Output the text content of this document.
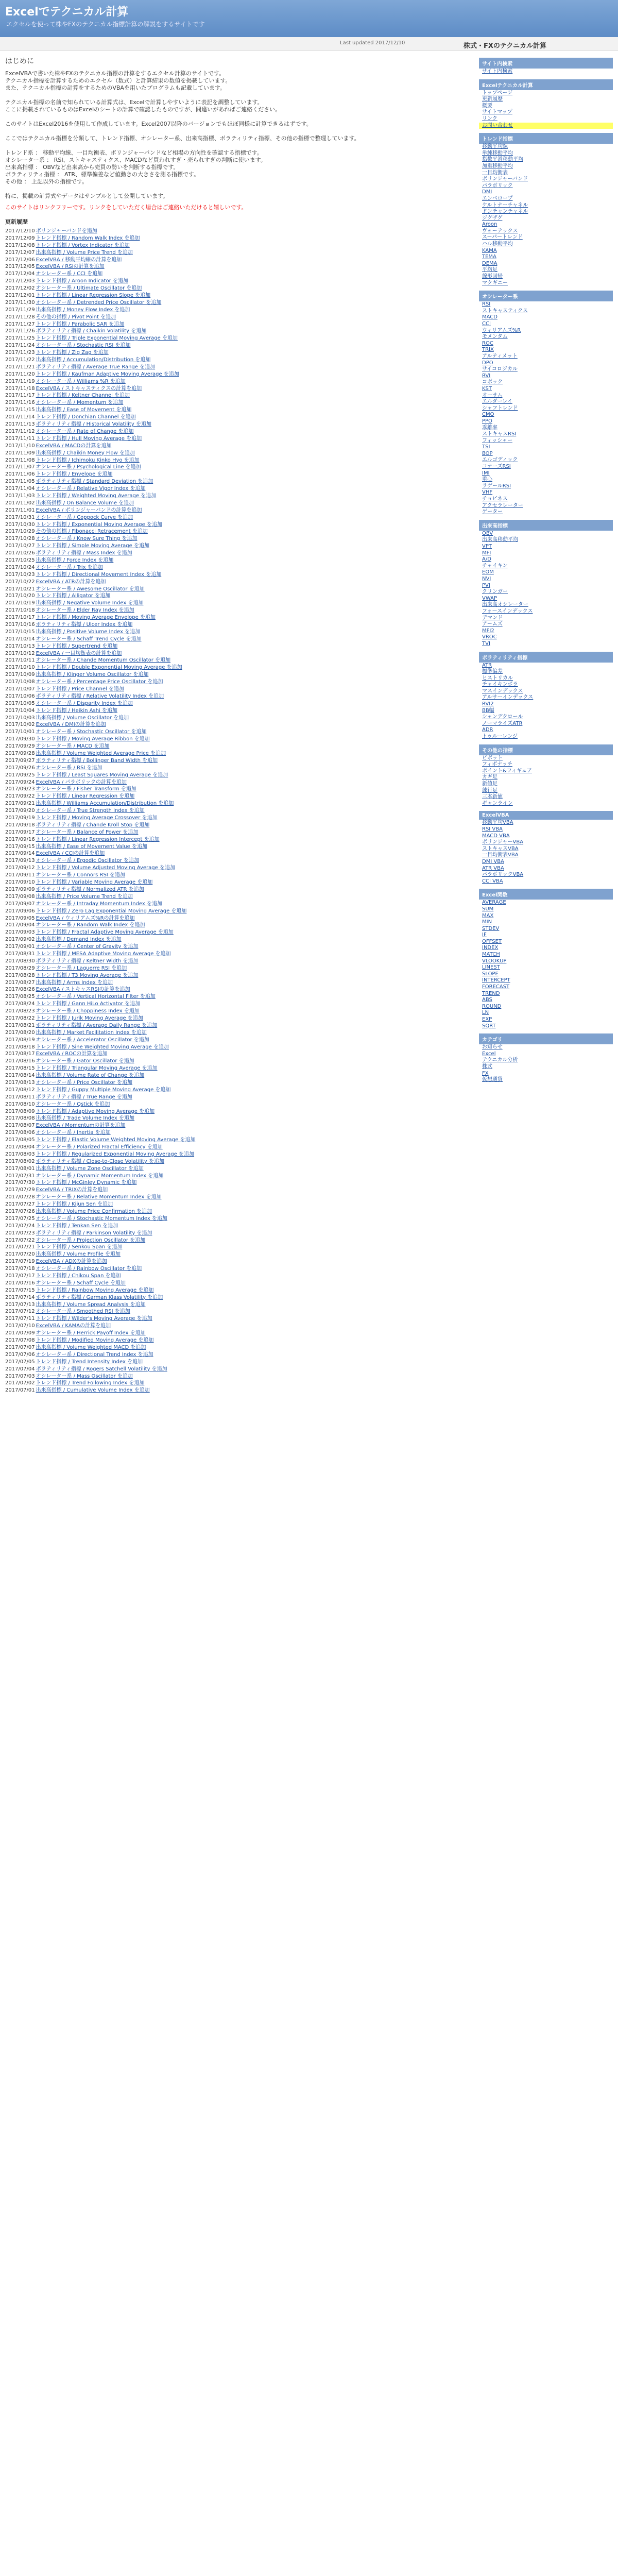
Excelでテクニカル計算
エクセルを使って株やFXのテクニカル指標計算の解説をするサイトです
Last updated 2017/12/10	株式・FXのテクニカル計算
はじめに
ExcelVBAで書いた株やFXのテクニカル指標の計算をするエクセル計算のサイトです。
テクニカル指標を計算するためのエクセル（数式）と計算結果の数値を掲載しています。
また、テクニカル指標の計算をするためのVBAを用いたプログラムも記載しています。

テクニカル指標の名前で知られている計算式は、Excelで計算しやすいように表記を調整しています。
ここに掲載されているものはExcelのシートの計算で確認したものですが、間違いがあればご連絡ください。

このサイトはExcel2016を使用して作成しています。Excel2007以降のバージョンでもほぼ同様に計算できるはずです。

ここではテクニカル指標を分類して、トレンド指標、オシレーター系、出来高指標、ボラティリティ指標、その他の指標で整理しています。

トレンド系 ： 移動平均線、一目均衡表、ボリンジャーバンドなど相場の方向性を確認する指標です。
オシレーター系 ： RSI、ストキャスティクス、MACDなど買われすぎ・売られすぎの判断に使います。
出来高指標 ： OBVなど出来高から売買の勢いを判断する指標です。
ボラティリティ指標 ： ATR、標準偏差など値動きの大きさを測る指標です。
その他 ： 上記以外の指標です。

特に、掲載の計算式やデータはサンプルとして公開しています。
このサイトはリンクフリーです。リンクをしていただく場合はご連絡いただけると嬉しいです。
更新履歴
2017/12/10 ボリンジャーバンドを追加
2017/12/09 トレンド指標 / Random Walk Index を追加
2017/12/08 トレンド指標 / Vortex Indicator を追加
2017/12/07 出来高指標 / Volume Price Trend を追加
2017/12/06 ExcelVBA / 移動平均線の計算を追加
2017/12/05 ExcelVBA / RSIの計算を追加
2017/12/04 オシレーター系 / CCI を追加
2017/12/03 トレンド指標 / Aroon Indicator を追加
2017/12/02 オシレーター系 / Ultimate Oscillator を追加
2017/12/01 トレンド指標 / Linear Regression Slope を追加
2017/11/30 オシレーター系 / Detrended Price Oscillator を追加
2017/11/29 出来高指標 / Money Flow Index を追加
2017/11/28 その他の指標 / Pivot Point を追加
2017/11/27 トレンド指標 / Parabolic SAR を追加
2017/11/26 ボラティリティ指標 / Chaikin Volatility を追加
2017/11/25 トレンド指標 / Triple Exponential Moving Average を追加
2017/11/24 オシレーター系 / Stochastic RSI を追加
2017/11/23 トレンド指標 / Zig Zag を追加
2017/11/22 出来高指標 / Accumulation/Distribution を追加
2017/11/21 ボラティリティ指標 / Average True Range を追加
2017/11/20 トレンド指標 / Kaufman Adaptive Moving Average を追加
2017/11/19 オシレーター系 / Williams %R を追加
2017/11/18 ExcelVBA / ストキャスティクスの計算を追加
2017/11/17 トレンド指標 / Keltner Channel を追加
2017/11/16 オシレーター系 / Momentum を追加
2017/11/15 出来高指標 / Ease of Movement を追加
2017/11/14 トレンド指標 / Donchian Channel を追加
2017/11/13 ボラティリティ指標 / Historical Volatility を追加
2017/11/12 オシレーター系 / Rate of Change を追加
2017/11/11 トレンド指標 / Hull Moving Average を追加
2017/11/10 ExcelVBA / MACDの計算を追加
2017/11/09 出来高指標 / Chaikin Money Flow を追加
2017/11/08 トレンド指標 / Ichimoku Kinko Hyo を追加
2017/11/07 オシレーター系 / Psychological Line を追加
2017/11/06 トレンド指標 / Envelope を追加
2017/11/05 ボラティリティ指標 / Standard Deviation を追加
2017/11/04 オシレーター系 / Relative Vigor Index を追加
2017/11/03 トレンド指標 / Weighted Moving Average を追加
2017/11/02 出来高指標 / On Balance Volume を追加
2017/11/01 ExcelVBA / ボリンジャーバンドの計算を追加
2017/10/31 オシレーター系 / Coppock Curve を追加
2017/10/30 トレンド指標 / Exponential Moving Average を追加
2017/10/29 その他の指標 / Fibonacci Retracement を追加
2017/10/28 オシレーター系 / Know Sure Thing を追加
2017/10/27 トレンド指標 / Simple Moving Average を追加
2017/10/26 ボラティリティ指標 / Mass Index を追加
2017/10/25 出来高指標 / Force Index を追加
2017/10/24 オシレーター系 / Trix を追加
2017/10/23 トレンド指標 / Directional Movement Index を追加
2017/10/22 ExcelVBA / ATRの計算を追加
2017/10/21 オシレーター系 / Awesome Oscillator を追加
2017/10/20 トレンド指標 / Alligator を追加
2017/10/19 出来高指標 / Negative Volume Index を追加
2017/10/18 オシレーター系 / Elder Ray Index を追加
2017/10/17 トレンド指標 / Moving Average Envelope を追加
2017/10/16 ボラティリティ指標 / Ulcer Index を追加
2017/10/15 出来高指標 / Positive Volume Index を追加
2017/10/14 オシレーター系 / Schaff Trend Cycle を追加
2017/10/13 トレンド指標 / Supertrend を追加
2017/10/12 ExcelVBA / 一目均衡表の計算を追加
2017/10/11 オシレーター系 / Chande Momentum Oscillator を追加
2017/10/10 トレンド指標 / Double Exponential Moving Average を追加
2017/10/09 出来高指標 / Klinger Volume Oscillator を追加
2017/10/08 オシレーター系 / Percentage Price Oscillator を追加
2017/10/07 トレンド指標 / Price Channel を追加
2017/10/06 ボラティリティ指標 / Relative Volatility Index を追加
2017/10/05 オシレーター系 / Disparity Index を追加
2017/10/04 トレンド指標 / Heikin Ashi を追加
2017/10/03 出来高指標 / Volume Oscillator を追加
2017/10/02 ExcelVBA / DMIの計算を追加
2017/10/01 オシレーター系 / Stochastic Oscillator を追加
2017/09/30 トレンド指標 / Moving Average Ribbon を追加
2017/09/29 オシレーター系 / MACD を追加
2017/09/28 出来高指標 / Volume Weighted Average Price を追加
2017/09/27 ボラティリティ指標 / Bollinger Band Width を追加
2017/09/26 オシレーター系 / RSI を追加
2017/09/25 トレンド指標 / Least Squares Moving Average を追加
2017/09/24 ExcelVBA / パラボリックの計算を追加
2017/09/23 オシレーター系 / Fisher Transform を追加
2017/09/22 トレンド指標 / Linear Regression を追加
2017/09/21 出来高指標 / Williams Accumulation/Distribution を追加
2017/09/20 オシレーター系 / True Strength Index を追加
2017/09/19 トレンド指標 / Moving Average Crossover を追加
2017/09/18 ボラティリティ指標 / Chande Kroll Stop を追加
2017/09/17 オシレーター系 / Balance of Power を追加
2017/09/16 トレンド指標 / Linear Regression Intercept を追加
2017/09/15 出来高指標 / Ease of Movement Value を追加
2017/09/14 ExcelVBA / CCIの計算を追加
2017/09/13 オシレーター系 / Ergodic Oscillator を追加
2017/09/12 トレンド指標 / Volume Adjusted Moving Average を追加
2017/09/11 オシレーター系 / Connors RSI を追加
2017/09/10 トレンド指標 / Variable Moving Average を追加
2017/09/09 ボラティリティ指標 / Normalized ATR を追加
2017/09/08 出来高指標 / Price Volume Trend を追加
2017/09/07 オシレーター系 / Intraday Momentum Index を追加
2017/09/06 トレンド指標 / Zero Lag Exponential Moving Average を追加
2017/09/05 ExcelVBA / ウィリアムズ%Rの計算を追加
2017/09/04 オシレーター系 / Random Walk Index を追加
2017/09/03 トレンド指標 / Fractal Adaptive Moving Average を追加
2017/09/02 出来高指標 / Demand Index を追加
2017/09/01 オシレーター系 / Center of Gravity を追加
2017/08/31 トレンド指標 / MESA Adaptive Moving Average を追加
2017/08/30 ボラティリティ指標 / Keltner Width を追加
2017/08/29 オシレーター系 / Laguerre RSI を追加
2017/08/28 トレンド指標 / T3 Moving Average を追加
2017/08/27 出来高指標 / Arms Index を追加
2017/08/26 ExcelVBA / ストキャスRSIの計算を追加
2017/08/25 オシレーター系 / Vertical Horizontal Filter を追加
2017/08/24 トレンド指標 / Gann HiLo Activator を追加
2017/08/23 オシレーター系 / Choppiness Index を追加
2017/08/22 トレンド指標 / Jurik Moving Average を追加
2017/08/21 ボラティリティ指標 / Average Daily Range を追加
2017/08/20 出来高指標 / Market Facilitation Index を追加
2017/08/19 オシレーター系 / Accelerator Oscillator を追加
2017/08/18 トレンド指標 / Sine Weighted Moving Average を追加
2017/08/17 ExcelVBA / ROCの計算を追加
2017/08/16 オシレーター系 / Gator Oscillator を追加
2017/08/15 トレンド指標 / Triangular Moving Average を追加
2017/08/14 出来高指標 / Volume Rate of Change を追加
2017/08/13 オシレーター系 / Price Oscillator を追加
2017/08/12 トレンド指標 / Guppy Multiple Moving Average を追加
2017/08/11 ボラティリティ指標 / True Range を追加
2017/08/10 オシレーター系 / Qstick を追加
2017/08/09 トレンド指標 / Adaptive Moving Average を追加
2017/08/08 出来高指標 / Trade Volume Index を追加
2017/08/07 ExcelVBA / Momentumの計算を追加
2017/08/06 オシレーター系 / Inertia を追加
2017/08/05 トレンド指標 / Elastic Volume Weighted Moving Average を追加
2017/08/04 オシレーター系 / Polarized Fractal Efficiency を追加
2017/08/03 トレンド指標 / Regularized Exponential Moving Average を追加
2017/08/02 ボラティリティ指標 / Close-to-Close Volatility を追加
2017/08/01 出来高指標 / Volume Zone Oscillator を追加
2017/07/31 オシレーター系 / Dynamic Momentum Index を追加
2017/07/30 トレンド指標 / McGinley Dynamic を追加
2017/07/29 ExcelVBA / TRIXの計算を追加
2017/07/28 オシレーター系 / Relative Momentum Index を追加
2017/07/27 トレンド指標 / Kijun Sen を追加
2017/07/26 出来高指標 / Volume Price Confirmation を追加
2017/07/25 オシレーター系 / Stochastic Momentum Index を追加
2017/07/24 トレンド指標 / Tenkan Sen を追加
2017/07/23 ボラティリティ指標 / Parkinson Volatility を追加
2017/07/22 オシレーター系 / Projection Oscillator を追加
2017/07/21 トレンド指標 / Senkou Span を追加
2017/07/20 出来高指標 / Volume Profile を追加
2017/07/19 ExcelVBA / ADXの計算を追加
2017/07/18 オシレーター系 / Rainbow Oscillator を追加
2017/07/17 トレンド指標 / Chikou Span を追加
2017/07/16 オシレーター系 / Schaff Cycle を追加
2017/07/15 トレンド指標 / Rainbow Moving Average を追加
2017/07/14 ボラティリティ指標 / Garman Klass Volatility を追加
2017/07/13 出来高指標 / Volume Spread Analysis を追加
2017/07/12 オシレーター系 / Smoothed RSI を追加
2017/07/11 トレンド指標 / Wilder's Moving Average を追加
2017/07/10 ExcelVBA / KAMAの計算を追加
2017/07/09 オシレーター系 / Herrick Payoff Index を追加
2017/07/08 トレンド指標 / Modified Moving Average を追加
2017/07/07 出来高指標 / Volume Weighted MACD を追加
2017/07/06 オシレーター系 / Directional Trend Index を追加
2017/07/05 トレンド指標 / Trend Intensity Index を追加
2017/07/04 ボラティリティ指標 / Rogers Satchell Volatility を追加
2017/07/03 オシレーター系 / Mass Oscillator を追加
2017/07/02 トレンド指標 / Trend Following Index を追加
2017/07/01 出来高指標 / Cumulative Volume Index を追加
サイト内検索
サイト内検索
Excelテクニカル計算
トップページ
更新履歴
概要
サイトマップ
リンク
お問い合わせ
トレンド指標
移動平均線
単純移動平均
指数平滑移動平均
加重移動平均
一目均衡表
ボリンジャーバンド
パラボリック
DMI
エンベロープ
ケルトナーチャネル
ドンチャンチャネル
ジグザグ
Aroon
ヴォーテックス
スーパートレンド
ハル移動平均
KAMA
TEMA
DEMA
平均足
線形回帰
マクギニー
オシレーター系
RSI
ストキャスティクス
MACD
CCI
ウィリアムズ%R
モメンタム
ROC
TRIX
アルティメット
DPO
サイコロジカル
RVI
コポック
KST
オーサム
エルダーレイ
シャフトレンド
CMO
PPO
乖離率
ストキャスRSI
フィッシャー
TSI
BOP
エルゴディック
コナーズRSI
IMI
重心
ラゲールRSI
VHF
チョピネス
アクセラレーター
ゲーター
出来高指標
OBV
出来高移動平均
VPT
MFI
A/D
チャイキン
EOM
NVI
PVI
クリンガー
VWAP
出来高オシレーター
フォースインデックス
デマンド
アームズ
MFI2
VROC
TVI
ボラティリティ指標
ATR
標準偏差
ヒストリカル
チャイキンボラ
マスインデックス
アルサーインデックス
RVI2
BB幅
シャンデクロール
ノーマライズATR
ADR
トゥルーレンジ
その他の指標
ピボット
フィボナッチ
ポイント&フィギュア
カギ足
新値足
練行足
三本新値
ギャンライン
ExcelVBA
移動平均VBA
RSI VBA
MACD VBA
ボリンジャーVBA
ストキャスVBA
一目均衡表VBA
DMI VBA
ATR VBA
パラボリックVBA
CCI VBA
Excel関数
AVERAGE
SUM
MAX
MIN
STDEV
IF
OFFSET
INDEX
MATCH
VLOOKUP
LINEST
SLOPE
INTERCEPT
FORECAST
TREND
ABS
ROUND
LN
EXP
SQRT
カテゴリ
お知らせ
Excel
テクニカル分析
株式
FX
仮想通貨
